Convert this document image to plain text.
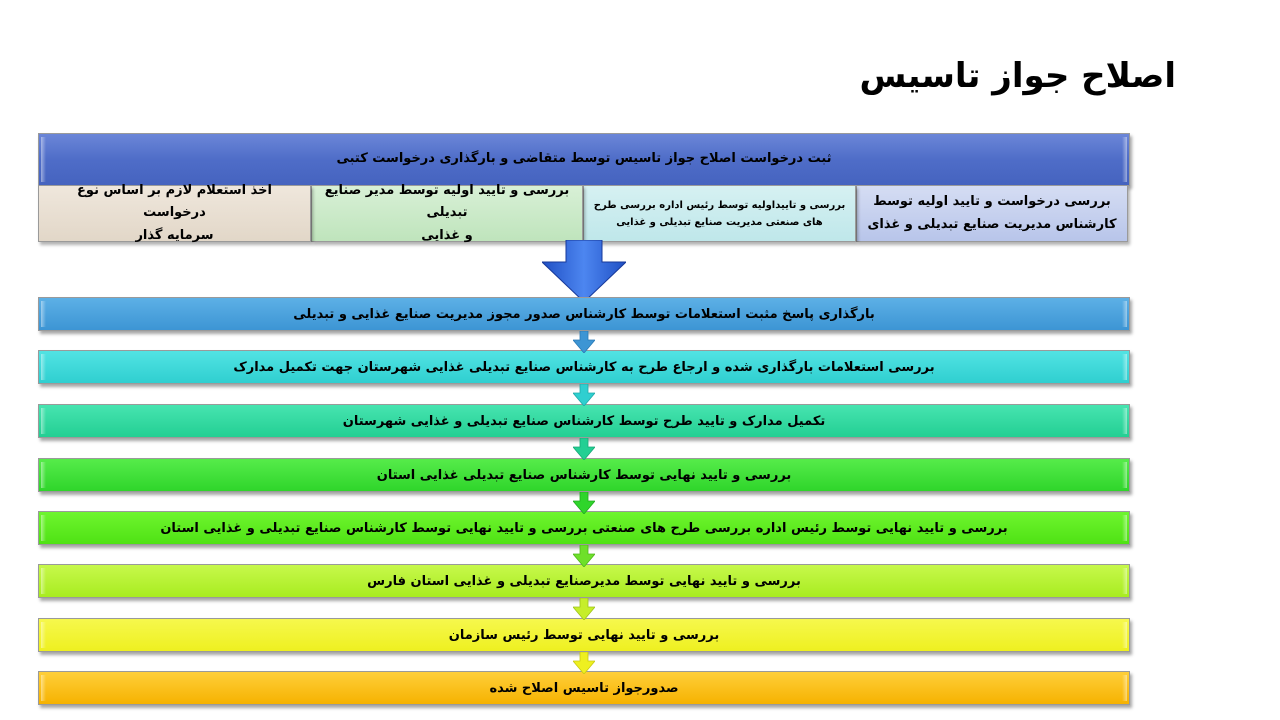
اصلاح جواز تاسیس
ثبت درخواست اصلاح جواز تاسیس توسط متقاضی و بارگذاری درخواست کتبی
بررسی درخواست و تایید اولیه توسط
کارشناس مدیریت صنایع تبدیلی و غذای
بررسی و تاییداولیه توسط رئیس اداره بررسی طرح
های صنعتی مدیریت صنایع تبدیلی و غذایی
بررسی و تایید اولیه توسط مدیر صنایع تبدیلی
و غذایی
اخذ استعلام لازم بر اساس نوع درخواست
سرمایه گذار
بارگذاری پاسخ مثبت استعلامات توسط کارشناس صدور مجوز مدیریت صنایع غذایی و تبدیلی
بررسی استعلامات بارگذاری شده و ارجاع طرح به کارشناس صنایع تبدیلی غذایی شهرستان جهت تکمیل مدارک
تکمیل مدارک و تایید طرح توسط کارشناس صنایع تبدیلی و غذایی شهرستان
بررسی و تایید نهایی توسط کارشناس صنایع تبدیلی غذایی استان
بررسی و تایید نهایی توسط رئیس اداره بررسی طرح های صنعتی بررسی و تایید نهایی توسط کارشناس صنایع تبدیلی و غذایی استان
بررسی و تایید نهایی توسط مدیرصنایع تبدیلی و غذایی استان فارس
بررسی و تایید نهایی توسط رئیس سازمان
صدورجواز تاسیس اصلاح شده
